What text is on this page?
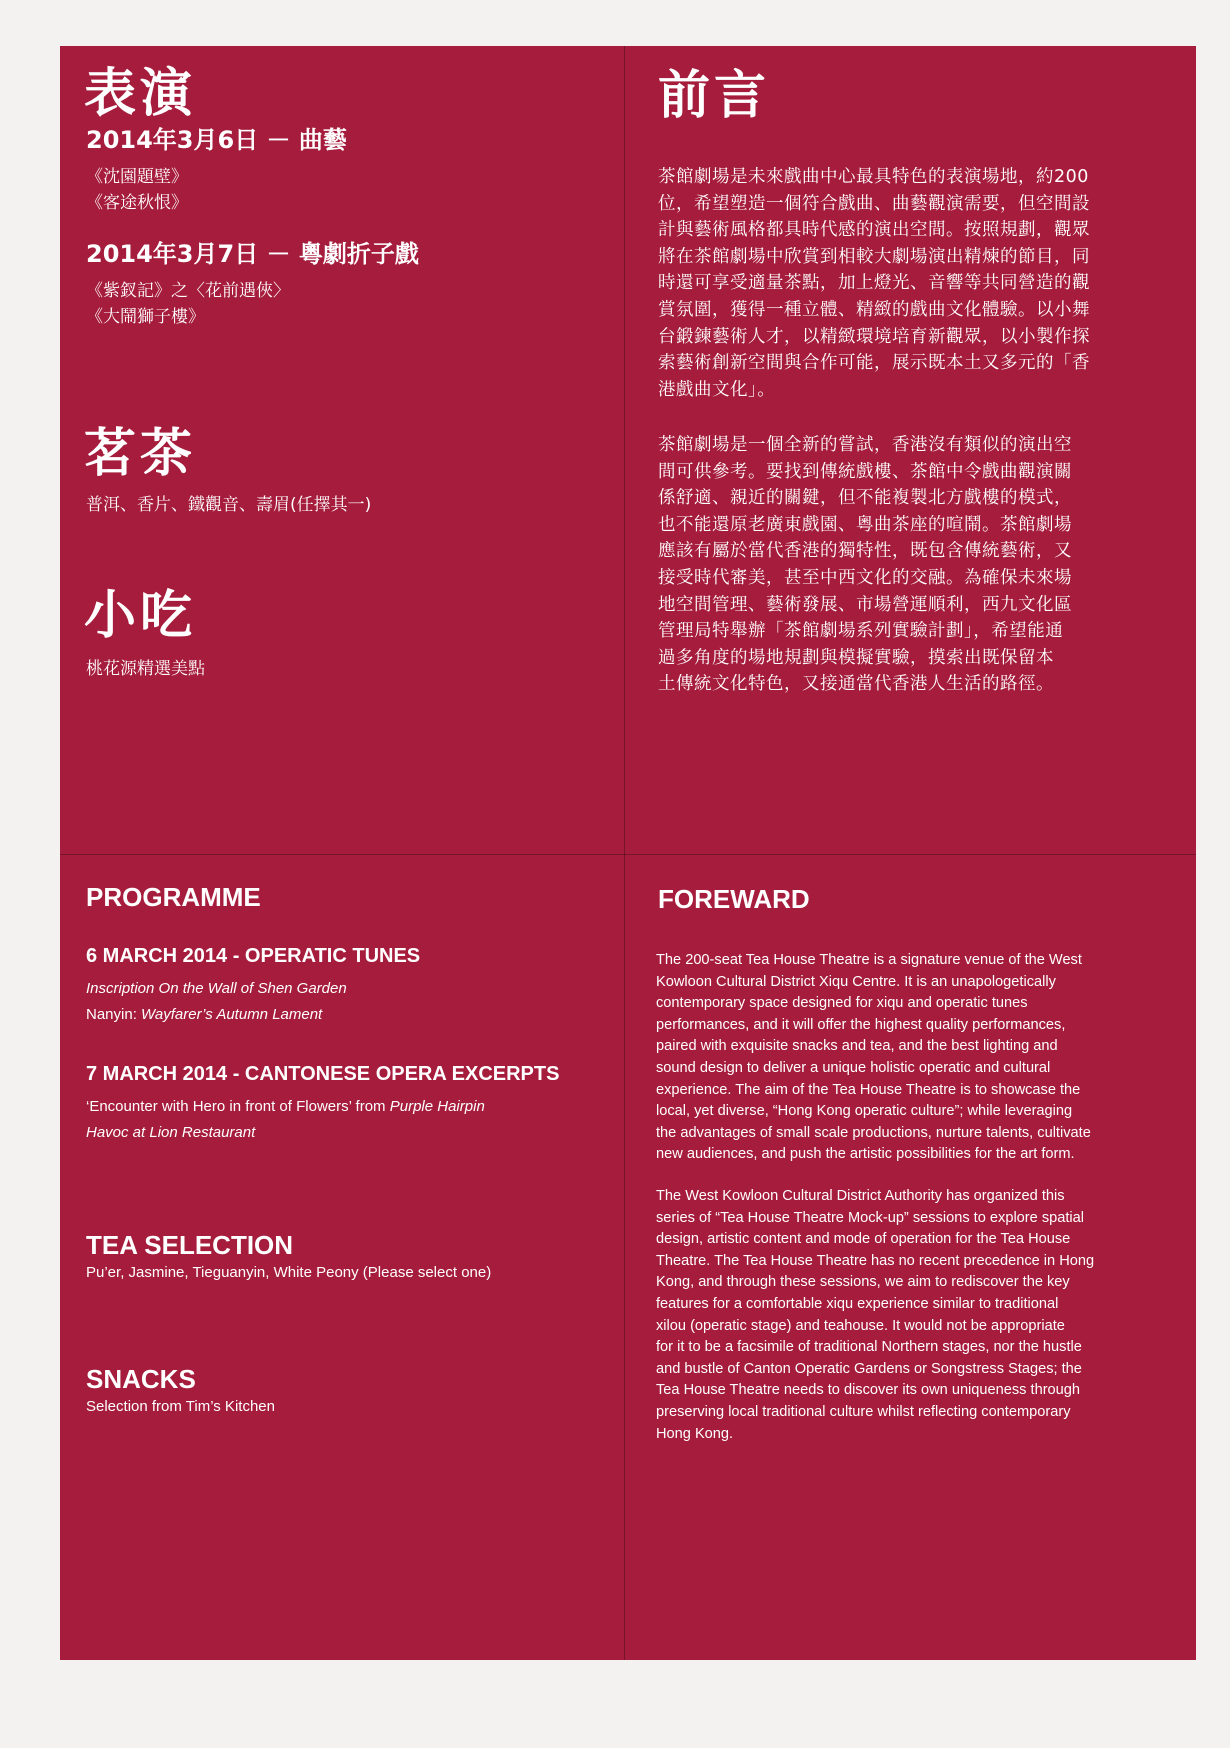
表演
2014年3月6日 － 曲藝
《沈園題壁》
《客途秋恨》
2014年3月7日 － 粵劇折子戲
《紫釵記》之〈花前遇俠〉
《大鬧獅子樓》
茗茶
普洱、香片、鐵觀音、壽眉(任擇其一)
小吃
桃花源精選美點
前言
茶館劇場是未來戲曲中心最具特色的表演場地，約200
位，希望塑造一個符合戲曲、曲藝觀演需要，但空間設
計與藝術風格都具時代感的演出空間。按照規劃，觀眾
將在茶館劇場中欣賞到相較大劇場演出精煉的節目，同
時還可享受適量茶點，加上燈光、音響等共同營造的觀
賞氛圍，獲得一種立體、精緻的戲曲文化體驗。以小舞
台鍛鍊藝術人才，以精緻環境培育新觀眾，以小製作探
索藝術創新空間與合作可能，展示既本土又多元的「香
港戲曲文化」。
茶館劇場是一個全新的嘗試，香港沒有類似的演出空
間可供參考。要找到傳統戲樓、茶館中令戲曲觀演關
係舒適、親近的關鍵，但不能複製北方戲樓的模式，
也不能還原老廣東戲園、粵曲茶座的喧鬧。茶館劇場
應該有屬於當代香港的獨特性，既包含傳統藝術，又
接受時代審美，甚至中西文化的交融。為確保未來場
地空間管理、藝術發展、市場營運順利，西九文化區
管理局特舉辦「茶館劇場系列實驗計劃」，希望能通
過多角度的場地規劃與模擬實驗，摸索出既保留本
土傳統文化特色，又接通當代香港人生活的路徑。
PROGRAMME
6 MARCH 2014 - OPERATIC TUNES
Inscription On the Wall of Shen Garden
Nanyin: Wayfarer’s Autumn Lament
7 MARCH 2014 - CANTONESE OPERA EXCERPTS
‘Encounter with Hero in front of Flowers’ from Purple Hairpin
Havoc at Lion Restaurant
TEA SELECTION
Pu’er, Jasmine, Tieguanyin, White Peony (Please select one)
SNACKS
Selection from Tim’s Kitchen
FOREWARD
The 200-seat Tea House Theatre is a signature venue of the West
Kowloon Cultural District Xiqu Centre. It is an unapologetically
contemporary space designed for xiqu and operatic tunes
performances, and it will offer the highest quality performances,
paired with exquisite snacks and tea, and the best lighting and
sound design to deliver a unique holistic operatic and cultural
experience. The aim of the Tea House Theatre is to showcase the
local, yet diverse, “Hong Kong operatic culture”; while leveraging
the advantages of small scale productions, nurture talents, cultivate
new audiences, and push the artistic possibilities for the art form.
The West Kowloon Cultural District Authority has organized this
series of “Tea House Theatre Mock-up” sessions to explore spatial
design, artistic content and mode of operation for the Tea House
Theatre. The Tea House Theatre has no recent precedence in Hong
Kong, and through these sessions, we aim to rediscover the key
features for a comfortable xiqu experience similar to traditional
xilou (operatic stage) and teahouse. It would not be appropriate
for it to be a facsimile of traditional Northern stages, nor the hustle
and bustle of Canton Operatic Gardens or Songstress Stages; the
Tea House Theatre needs to discover its own uniqueness through
preserving local traditional culture whilst reflecting contemporary
Hong Kong.
